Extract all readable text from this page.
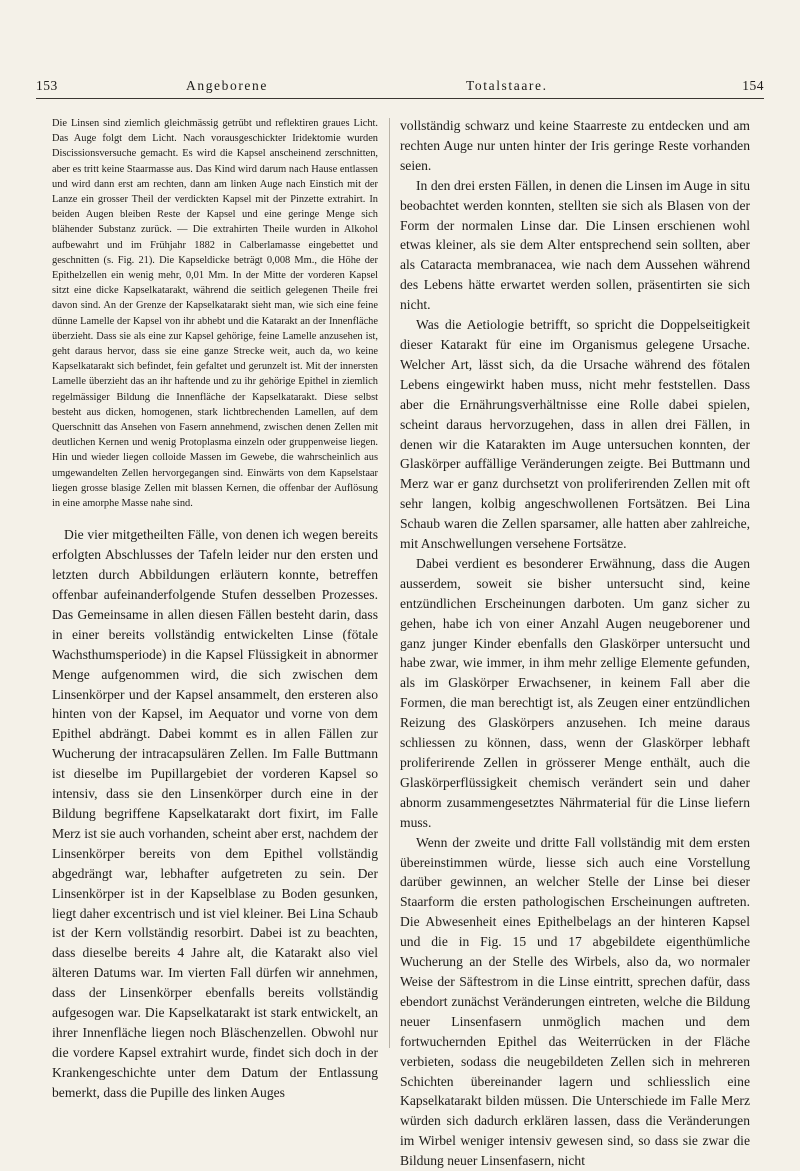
153	Angeborene	Totalstaare.	154

Die Linsen sind ziemlich gleichmässig getrübt und reflektiren graues Licht. Das Auge folgt dem Licht. Nach vorausgeschickter Iridektomie wurden Discissionsversuche gemacht. Es wird die Kapsel anscheinend zerschnitten, aber es tritt keine Staarmasse aus. Das Kind wird darum nach Hause entlassen und wird dann erst am rechten, dann am linken Auge nach Einstich mit der Lanze ein grosser Theil der verdickten Kapsel mit der Pinzette extrahirt. In beiden Augen bleiben Reste der Kapsel und eine geringe Menge sich blähender Substanz zurück. — Die extrahirten Theile wurden in Alkohol aufbewahrt und im Frühjahr 1882 in Calberlamasse eingebettet und geschnitten (s. Fig. 21). Die Kapseldicke beträgt 0,008 Mm., die Höhe der Epithelzellen ein wenig mehr, 0,01 Mm. In der Mitte der vorderen Kapsel sitzt eine dicke Kapselkatarakt, während die seitlich gelegenen Theile frei davon sind. An der Grenze der Kapselkatarakt sieht man, wie sich eine feine dünne Lamelle der Kapsel von ihr abhebt und die Katarakt an der Innenfläche überzieht. Dass sie als eine zur Kapsel gehörige, feine Lamelle anzusehen ist, geht daraus hervor, dass sie eine ganze Strecke weit, auch da, wo keine Kapselkatarakt sich befindet, fein gefaltet und gerunzelt ist. Mit der innersten Lamelle überzieht das an ihr haftende und zu ihr gehörige Epithel in ziemlich regelmässiger Bildung die Innenfläche der Kapselkatarakt. Diese selbst besteht aus dicken, homogenen, stark lichtbrechenden Lamellen, auf dem Querschnitt das Ansehen von Fasern annehmend, zwischen denen Zellen mit deutlichen Kernen und wenig Protoplasma einzeln oder gruppenweise liegen. Hin und wieder liegen colloide Massen im Gewebe, die wahrscheinlich aus umgewandelten Zellen hervorgegangen sind. Einwärts von dem Kapselstaar liegen grosse blasige Zellen mit blassen Kernen, die offenbar der Auflösung in eine amorphe Masse nahe sind.

Die vier mitgetheilten Fälle, von denen ich wegen bereits erfolgten Abschlusses der Tafeln leider nur den ersten und letzten durch Abbildungen erläutern konnte, betreffen offenbar aufeinanderfolgende Stufen desselben Prozesses. Das Gemeinsame in allen diesen Fällen besteht darin, dass in einer bereits vollständig entwickelten Linse (fötale Wachsthumsperiode) in die Kapsel Flüssigkeit in abnormer Menge aufgenommen wird, die sich zwischen dem Linsenkörper und der Kapsel ansammelt, den ersteren also hinten von der Kapsel, im Aequator und vorne von dem Epithel abdrängt. Dabei kommt es in allen Fällen zur Wucherung der intracapsulären Zellen. Im Falle Buttmann ist dieselbe im Pupillargebiet der vorderen Kapsel so intensiv, dass sie den Linsenkörper durch eine in der Bildung begriffene Kapselkatarakt dort fixirt, im Falle Merz ist sie auch vorhanden, scheint aber erst, nachdem der Linsenkörper bereits von dem Epithel vollständig abgedrängt war, lebhafter aufgetreten zu sein. Der Linsenkörper ist in der Kapselblase zu Boden gesunken, liegt daher excentrisch und ist viel kleiner. Bei Lina Schaub ist der Kern vollständig resorbirt. Dabei ist zu beachten, dass dieselbe bereits 4 Jahre alt, die Katarakt also viel älteren Datums war. Im vierten Fall dürfen wir annehmen, dass der Linsenkörper ebenfalls bereits vollständig aufgesogen war. Die Kapselkatarakt ist stark entwickelt, an ihrer Innenfläche liegen noch Bläschenzellen. Obwohl nur die vordere Kapsel extrahirt wurde, findet sich doch in der Krankengeschichte unter dem Datum der Entlassung bemerkt, dass die Pupille des linken Auges

vollständig schwarz und keine Staarreste zu entdecken und am rechten Auge nur unten hinter der Iris geringe Reste vorhanden seien.

In den drei ersten Fällen, in denen die Linsen im Auge in situ beobachtet werden konnten, stellten sie sich als Blasen von der Form der normalen Linse dar. Die Linsen erschienen wohl etwas kleiner, als sie dem Alter entsprechend sein sollten, aber als Cataracta membranacea, wie nach dem Aussehen während des Lebens hätte erwartet werden sollen, präsentirten sie sich nicht.

Was die Aetiologie betrifft, so spricht die Doppelseitigkeit dieser Katarakt für eine im Organismus gelegene Ursache. Welcher Art, lässt sich, da die Ursache während des fötalen Lebens eingewirkt haben muss, nicht mehr feststellen. Dass aber die Ernährungsverhältnisse eine Rolle dabei spielen, scheint daraus hervorzugehen, dass in allen drei Fällen, in denen wir die Katarakten im Auge untersuchen konnten, der Glaskörper auffällige Veränderungen zeigte. Bei Buttmann und Merz war er ganz durchsetzt von proliferirenden Zellen mit oft sehr langen, kolbig angeschwollenen Fortsätzen. Bei Lina Schaub waren die Zellen sparsamer, alle hatten aber zahlreiche, mit Anschwellungen versehene Fortsätze.

Dabei verdient es besonderer Erwähnung, dass die Augen ausserdem, soweit sie bisher untersucht sind, keine entzündlichen Erscheinungen darboten. Um ganz sicher zu gehen, habe ich von einer Anzahl Augen neugeborener und ganz junger Kinder ebenfalls den Glaskörper untersucht und habe zwar, wie immer, in ihm mehr zellige Elemente gefunden, als im Glaskörper Erwachsener, in keinem Fall aber die Formen, die man berechtigt ist, als Zeugen einer entzündlichen Reizung des Glaskörpers anzusehen. Ich meine daraus schliessen zu können, dass, wenn der Glaskörper lebhaft proliferirende Zellen in grösserer Menge enthält, auch die Glaskörperflüssigkeit chemisch verändert sein und daher abnorm zusammengesetztes Nährmaterial für die Linse liefern muss.

Wenn der zweite und dritte Fall vollständig mit dem ersten übereinstimmen würde, liesse sich auch eine Vorstellung darüber gewinnen, an welcher Stelle der Linse bei dieser Staarform die ersten pathologischen Erscheinungen auftreten. Die Abwesenheit eines Epithelbelags an der hinteren Kapsel und die in Fig. 15 und 17 abgebildete eigenthümliche Wucherung an der Stelle des Wirbels, also da, wo normaler Weise der Säftestrom in die Linse eintritt, sprechen dafür, dass ebendort zunächst Veränderungen eintreten, welche die Bildung neuer Linsenfasern unmöglich machen und dem fortwuchernden Epithel das Weiterrücken in der Fläche verbieten, sodass die neugebildeten Zellen sich in mehreren Schichten übereinander lagern und schliesslich eine Kapselkatarakt bilden müssen. Die Unterschiede im Falle Merz würden sich dadurch erklären lassen, dass die Veränderungen im Wirbel weniger intensiv gewesen sind, so dass sie zwar die Bildung neuer Linsenfasern, nicht
